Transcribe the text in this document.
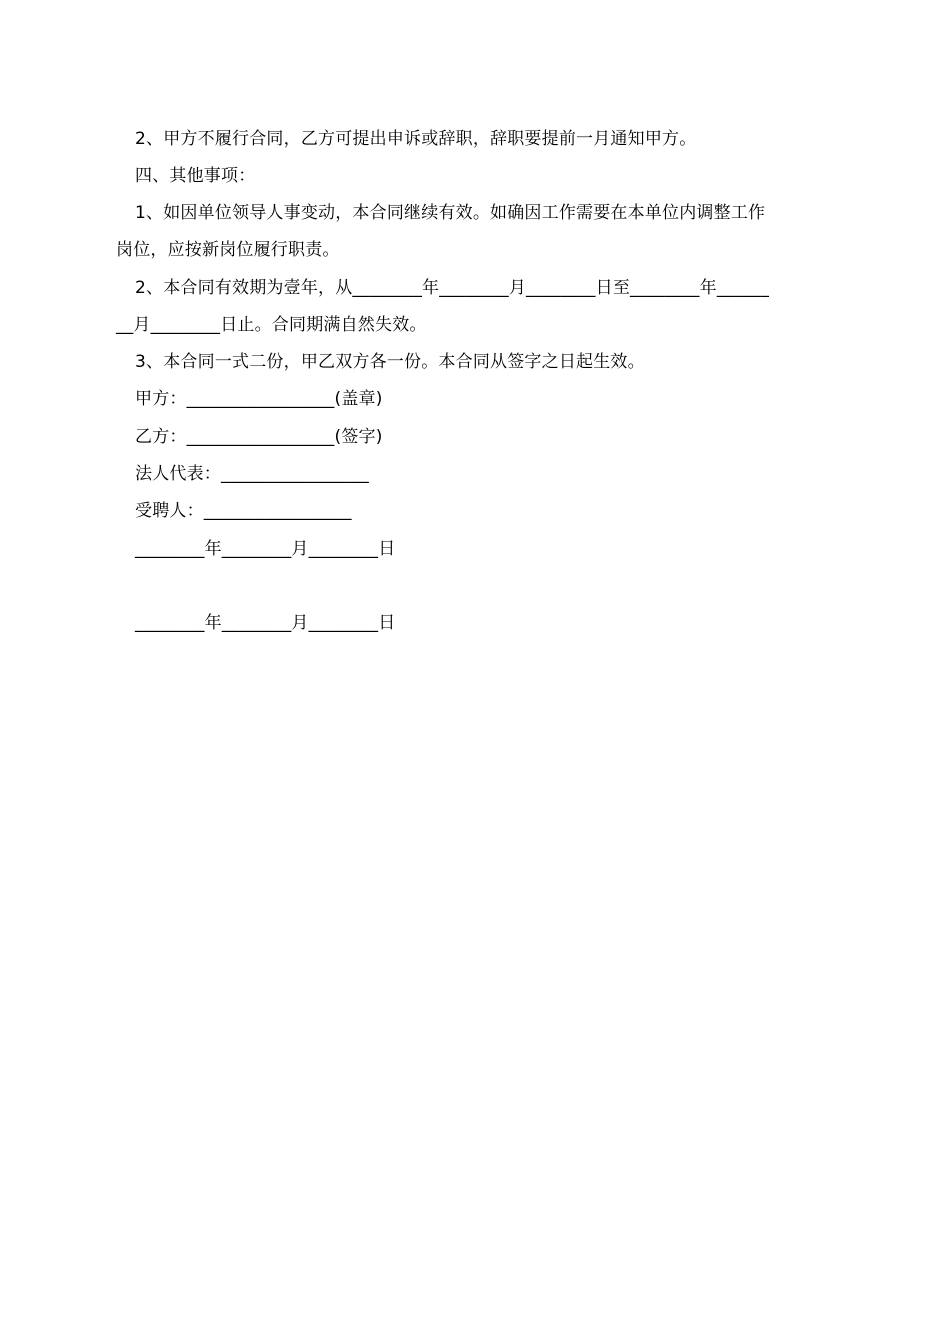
2、甲方不履行合同，乙方可提出申诉或辞职，辞职要提前一月通知甲方。
四、其他事项：
1、如因单位领导人事变动，本合同继续有效。如确因工作需要在本单位内调整工作
岗位，应按新岗位履行职责。
2、本合同有效期为壹年，从________年________月________日至________年______
__月________日止。合同期满自然失效。
3、本合同一式二份，甲乙双方各一份。本合同从签字之日起生效。
甲方：_________________(盖章)
乙方：_________________(签字)
法人代表：_________________
受聘人：_________________
________年________月________日
________年________月________日
